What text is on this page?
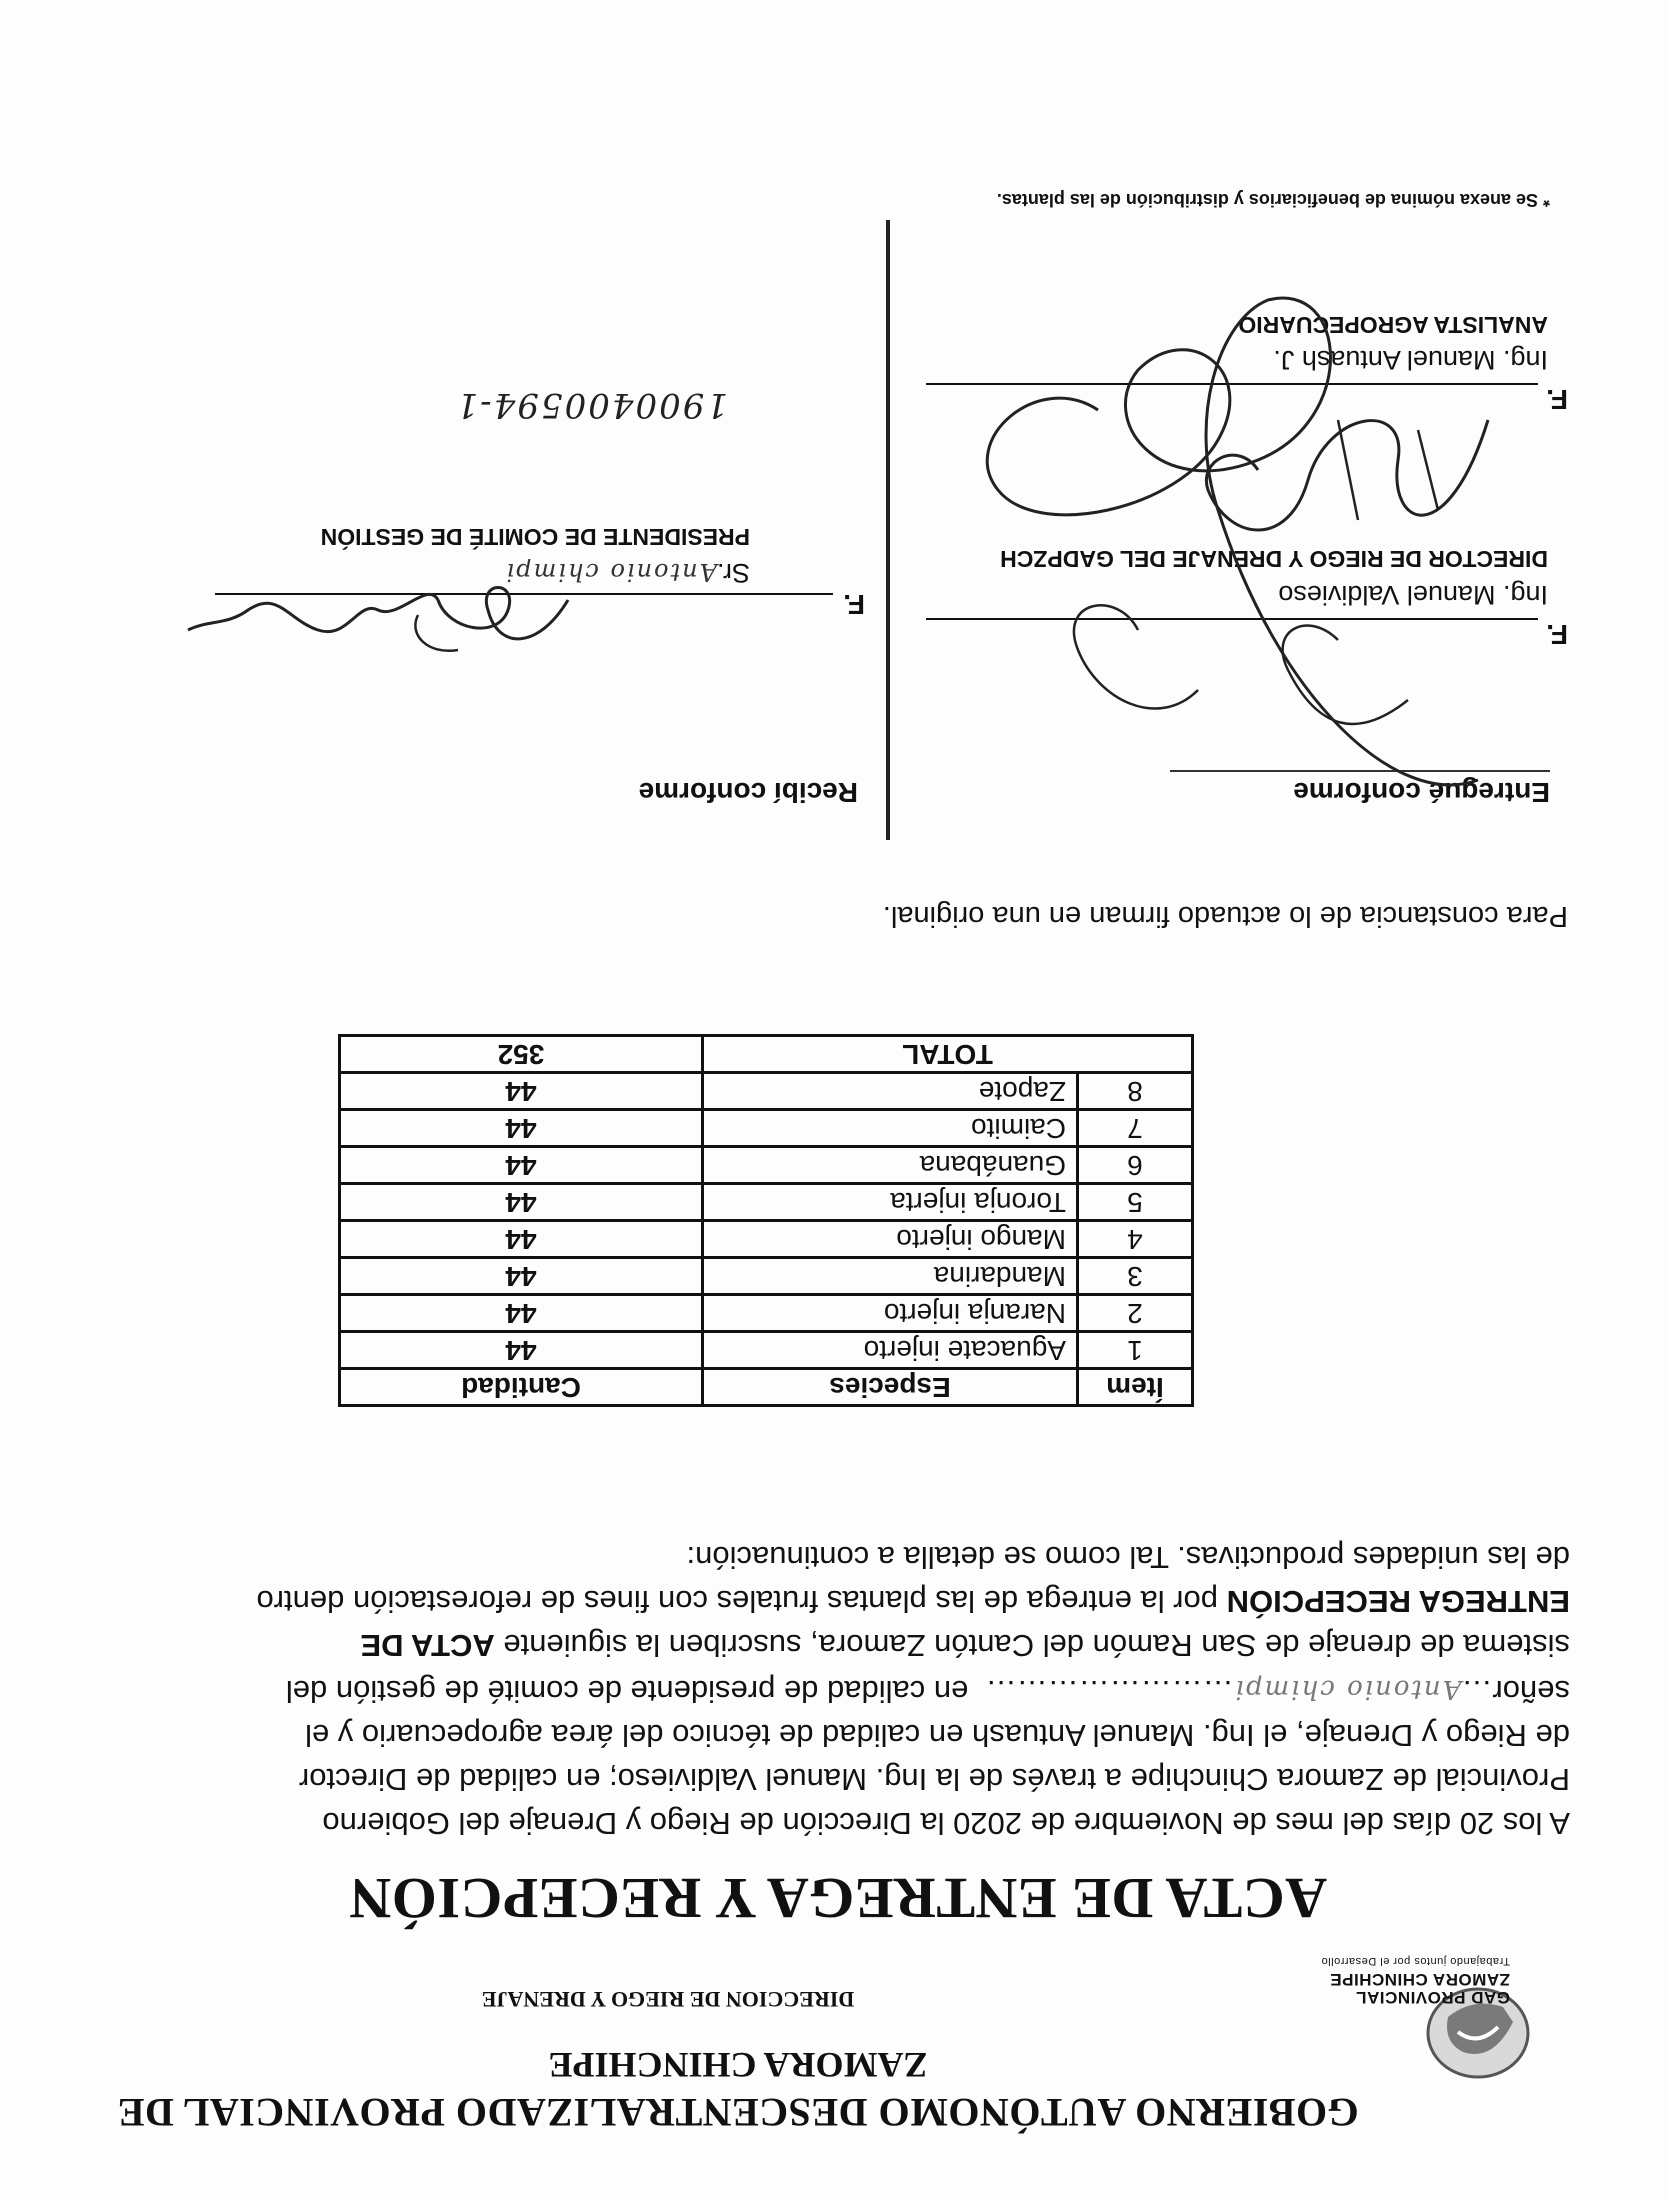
GAD PROVINCIAL
ZAMORA CHINCHIPE
Trabajando juntos por el Desarrollo
GOBIERNO AUTÓNOMO DESCENTRALIZADO PROVINCIAL DE
ZAMORA CHINCHIPE
DIRECCION DE RIEGO Y DRENAJE
ACTA DE ENTREGA Y RECEPCIÓN
A los 20 días del mes de Noviembre de 2020 la Dirección de Riego y Drenaje del Gobierno
Provincial de Zamora Chinchipe a través de la Ing. Manuel Valdivieso; en calidad de Director
de Riego y Drenaje, el Ing. Manuel Antuash en calidad de técnico del área agropecuario y el
señor…Antonio chimpi……………………  en calidad de presidente de comité de gestión del
sistema de drenaje de San Ramón del Cantón Zamora, suscriben la siguiente ACTA DE
ENTREGA RECEPCIÓN por la entrega de las plantas frutales con fines de reforestación dentro
de las unidades productivas. Tal como se detalla a continuación:
Ítem	Especies	Cantidad
1	Aguacate injerto	44
2	Naranja injerto	44
3	Mandarina	44
4	Mango injerto	44
5	Toronja injerta	44
6	Guanábana	44
7	Caimito	44
8	Zapote	44
TOTAL		352
Para constancia de lo actuado firman en una original.
Entregué conforme
Recibí conforme
F.
Ing. Manuel Valdivieso
DIRECTOR DE RIEGO Y DRENAJE DEL GADPZCH
F.
Ing. Manuel Antuash J.
ANALISTA AGROPECUARIO
F.
Sr.Antonio chimpi
PRESIDENTE DE COMITÉ DE GESTIÓN
1900400594-1
* Se anexa nómina de beneficiarios y distribución de las plantas.
